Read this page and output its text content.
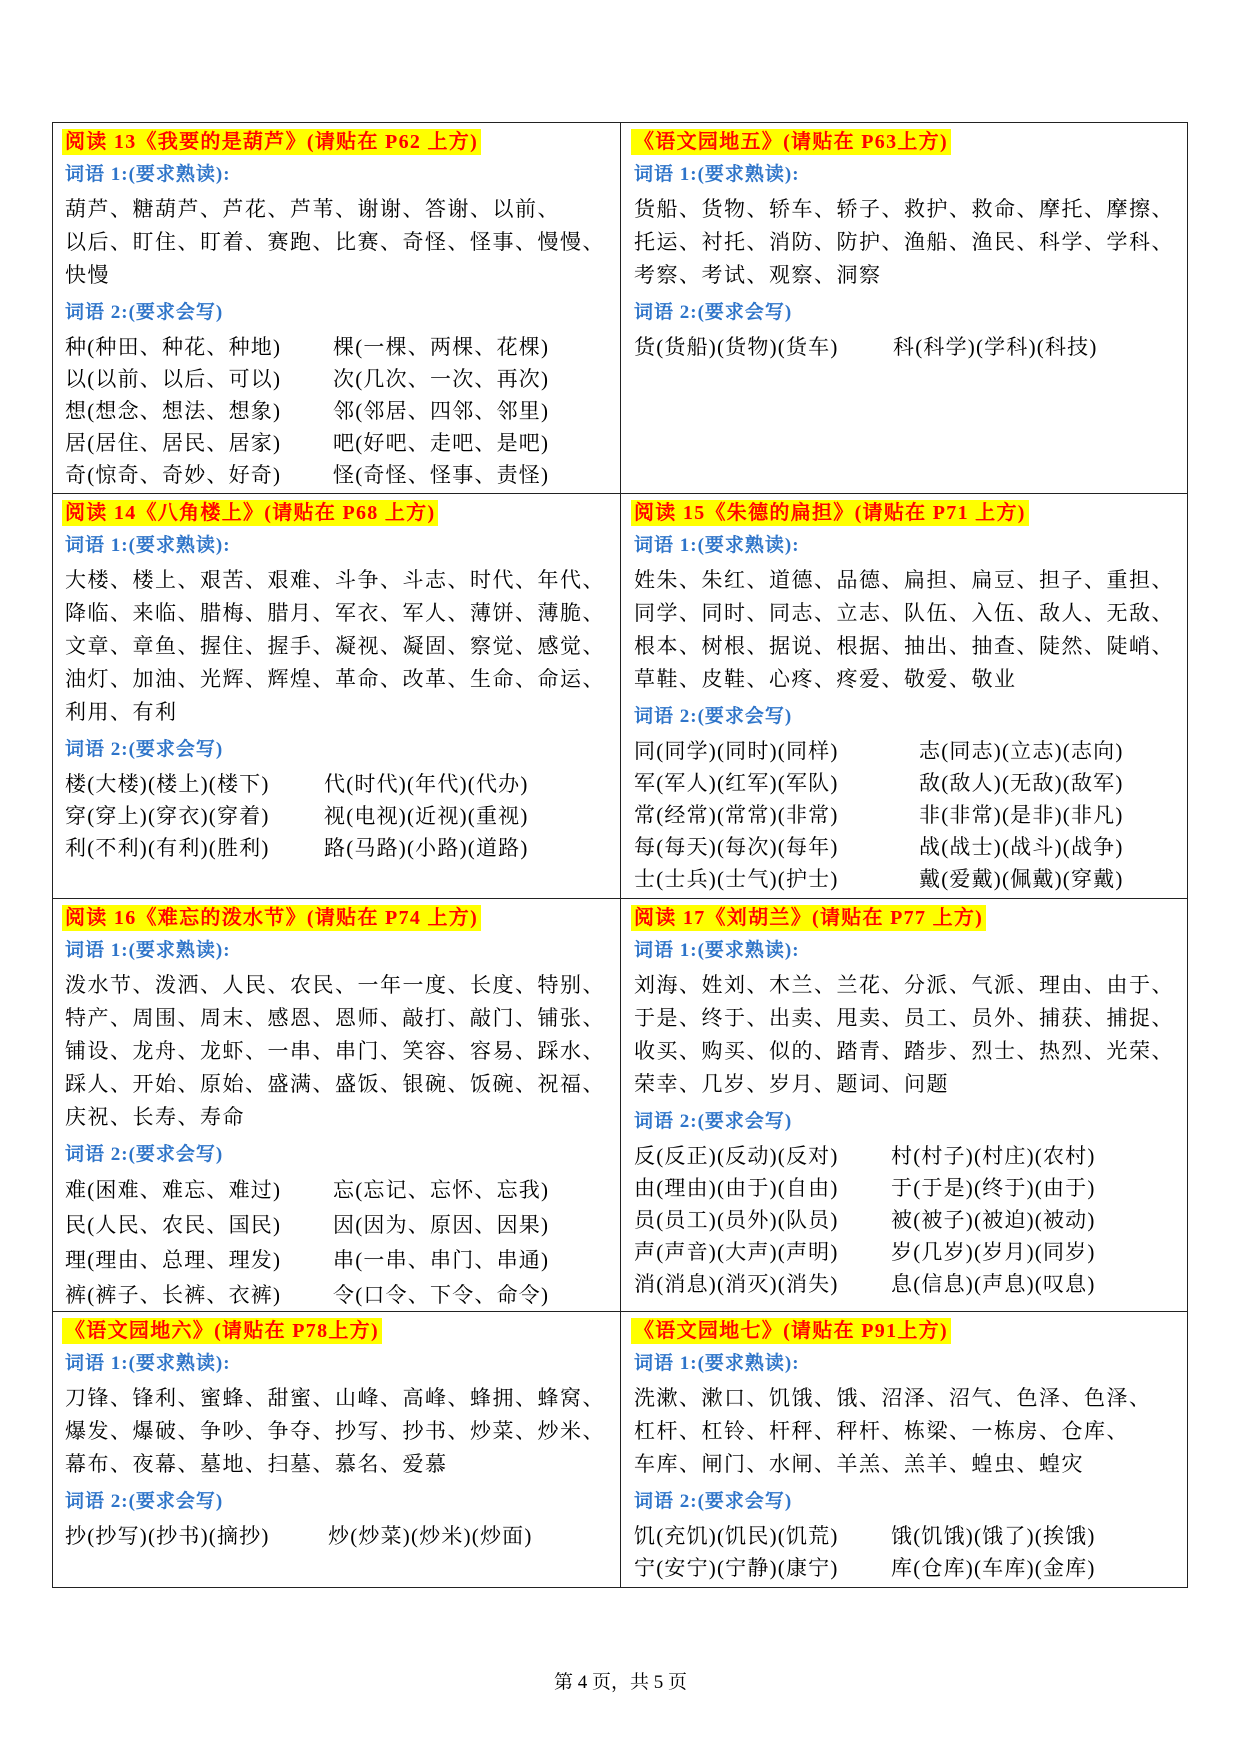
阅读 13《我要的是葫芦》(请贴在 P62 上方)
词语 1:(要求熟读):
葫芦、糖葫芦、芦花、芦苇、谢谢、答谢、以前、
以后、盯住、盯着、赛跑、比赛、奇怪、怪事、慢慢、
快慢
词语 2:(要求会写)
种(种田、种花、种地)	棵(一棵、两棵、花棵)
以(以前、以后、可以)	次(几次、一次、再次)
想(想念、想法、想象)	邻(邻居、四邻、邻里)
居(居住、居民、居家)	吧(好吧、走吧、是吧)
奇(惊奇、奇妙、好奇)	怪(奇怪、怪事、责怪)
《语文园地五》(请贴在 P63上方)
词语 1:(要求熟读):
货船、货物、轿车、轿子、救护、救命、摩托、摩擦、
托运、衬托、消防、防护、渔船、渔民、科学、学科、
考察、考试、观察、洞察
词语 2:(要求会写)
货(货船)(货物)(货车)	科(科学)(学科)(科技)
阅读 14《八角楼上》(请贴在 P68 上方)
词语 1:(要求熟读):
大楼、楼上、艰苦、艰难、斗争、斗志、时代、年代、
降临、来临、腊梅、腊月、军衣、军人、薄饼、薄脆、
文章、章鱼、握住、握手、凝视、凝固、察觉、感觉、
油灯、加油、光辉、辉煌、革命、改革、生命、命运、
利用、有利
词语 2:(要求会写)
楼(大楼)(楼上)(楼下)	代(时代)(年代)(代办)
穿(穿上)(穿衣)(穿着)	视(电视)(近视)(重视)
利(不利)(有利)(胜利)	路(马路)(小路)(道路)
阅读 15《朱德的扁担》(请贴在 P71 上方)
词语 1:(要求熟读):
姓朱、朱红、道德、品德、扁担、扁豆、担子、重担、
同学、同时、同志、立志、队伍、入伍、敌人、无敌、
根本、树根、据说、根据、抽出、抽查、陡然、陡峭、
草鞋、皮鞋、心疼、疼爱、敬爱、敬业
词语 2:(要求会写)
同(同学)(同时)(同样)	志(同志)(立志)(志向)
军(军人)(红军)(军队)	敌(敌人)(无敌)(敌军)
常(经常)(常常)(非常)	非(非常)(是非)(非凡)
每(每天)(每次)(每年)	战(战士)(战斗)(战争)
士(士兵)(士气)(护士)	戴(爱戴)(佩戴)(穿戴)
阅读 16《难忘的泼水节》(请贴在 P74 上方)
词语 1:(要求熟读):
泼水节、泼洒、人民、农民、一年一度、长度、特别、
特产、周围、周末、感恩、恩师、敲打、敲门、铺张、
铺设、龙舟、龙虾、一串、串门、笑容、容易、踩水、
踩人、开始、原始、盛满、盛饭、银碗、饭碗、祝福、
庆祝、长寿、寿命
词语 2:(要求会写)
难(困难、难忘、难过)	忘(忘记、忘怀、忘我)
民(人民、农民、国民)	因(因为、原因、因果)
理(理由、总理、理发)	串(一串、串门、串通)
裤(裤子、长裤、衣裤)	令(口令、下令、命令)
阅读 17《刘胡兰》(请贴在 P77 上方)
词语 1:(要求熟读):
刘海、姓刘、木兰、兰花、分派、气派、理由、由于、
于是、终于、出卖、甩卖、员工、员外、捕获、捕捉、
收买、购买、似的、踏青、踏步、烈士、热烈、光荣、
荣幸、几岁、岁月、题词、问题
词语 2:(要求会写)
反(反正)(反动)(反对)	村(村子)(村庄)(农村)
由(理由)(由于)(自由)	于(于是)(终于)(由于)
员(员工)(员外)(队员)	被(被子)(被迫)(被动)
声(声音)(大声)(声明)	岁(几岁)(岁月)(同岁)
消(消息)(消灭)(消失)	息(信息)(声息)(叹息)
《语文园地六》(请贴在 P78上方)
词语 1:(要求熟读):
刀锋、锋利、蜜蜂、甜蜜、山峰、高峰、蜂拥、蜂窝、
爆发、爆破、争吵、争夺、抄写、抄书、炒菜、炒米、
幕布、夜幕、墓地、扫墓、慕名、爱慕
词语 2:(要求会写)
抄(抄写)(抄书)(摘抄)	炒(炒菜)(炒米)(炒面)
《语文园地七》(请贴在 P91上方)
词语 1:(要求熟读):
洗漱、漱口、饥饿、饿、沼泽、沼气、色泽、色泽、
杠杆、杠铃、杆秤、秤杆、栋梁、一栋房、仓库、
车库、闸门、水闸、羊羔、羔羊、蝗虫、蝗灾
词语 2:(要求会写)
饥(充饥)(饥民)(饥荒)	饿(饥饿)(饿了)(挨饿)
宁(安宁)(宁静)(康宁)	库(仓库)(车库)(金库)
第 4 页，共 5 页
